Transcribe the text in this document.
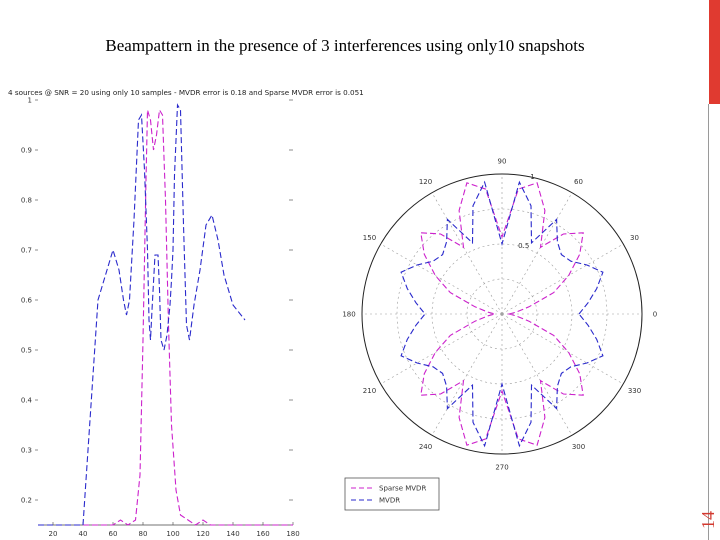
Beampattern in the presence of 3 interferences using only10 snapshots
14
4 sources @ SNR = 20 using only 10 samples - MVDR error is 0.18 and Sparse MVDR error is 0.051
1
0.9
0.8
0.7
0.6
0.5
0.4
0.3
0.2
20	40	60	80	100 120 140 160 180
0
30
60
90
120
150
180
210
240
270
300
330
0.5
1
Sparse MVDR
MVDR
